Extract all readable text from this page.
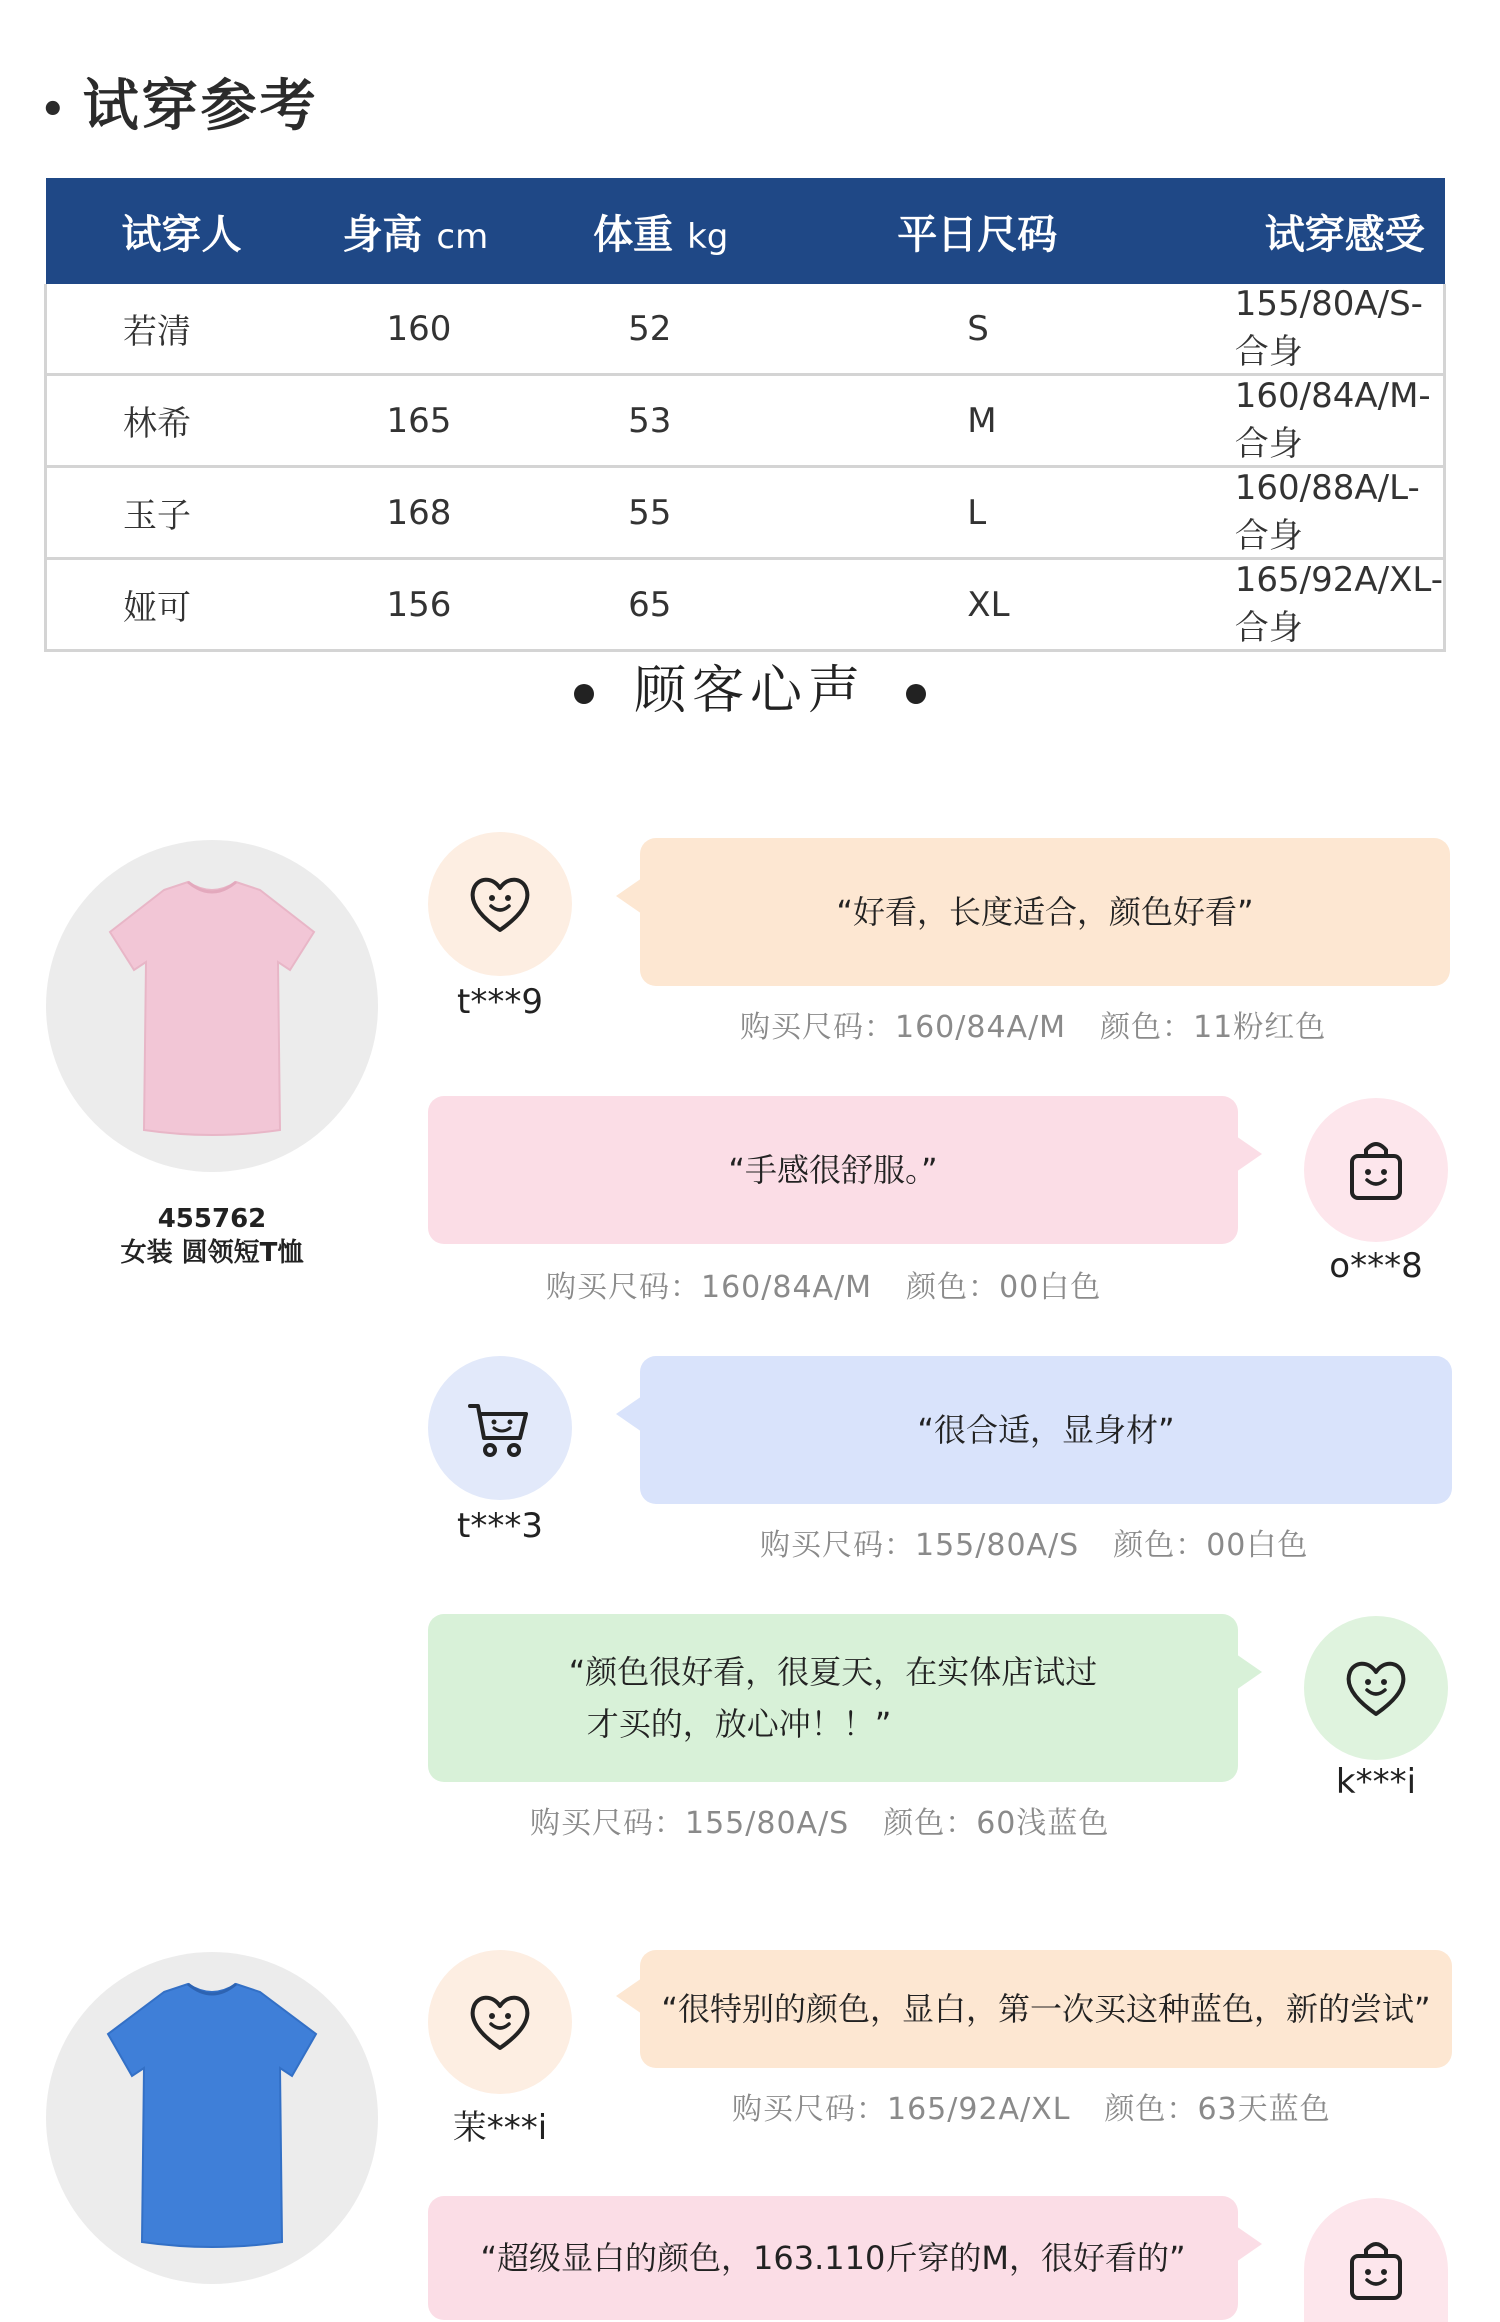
• 试穿参考
试穿人	身高 cm	体重 kg	平日尺码	试穿感受
若清	160	52	S	155/80A/S-合身
林希	165	53	M	160/84A/M-合身
玉子	168	55	L	160/88A/L-合身
娅可	156	65	XL	165/92A/XL-合身
顾客心声
455762
女装 圆领短T恤
t***9
“好看，长度适合，颜色好看”
购买尺码：160/84A/M 颜色：11粉红色
“手感很舒服。”
o***8
购买尺码：160/84A/M 颜色：00白色
t***3
“很合适，显身材”
购买尺码：155/80A/S 颜色：00白色
“颜色很好看，很夏天，在实体店试过
才买的，放心冲！！”
k***i
购买尺码：155/80A/S 颜色：60浅蓝色
茉***i
“很特别的颜色，显白，第一次买这种蓝色，新的尝试”
购买尺码：165/92A/XL 颜色：63天蓝色
“超级显白的颜色，163.110斤穿的M，很好看的”
